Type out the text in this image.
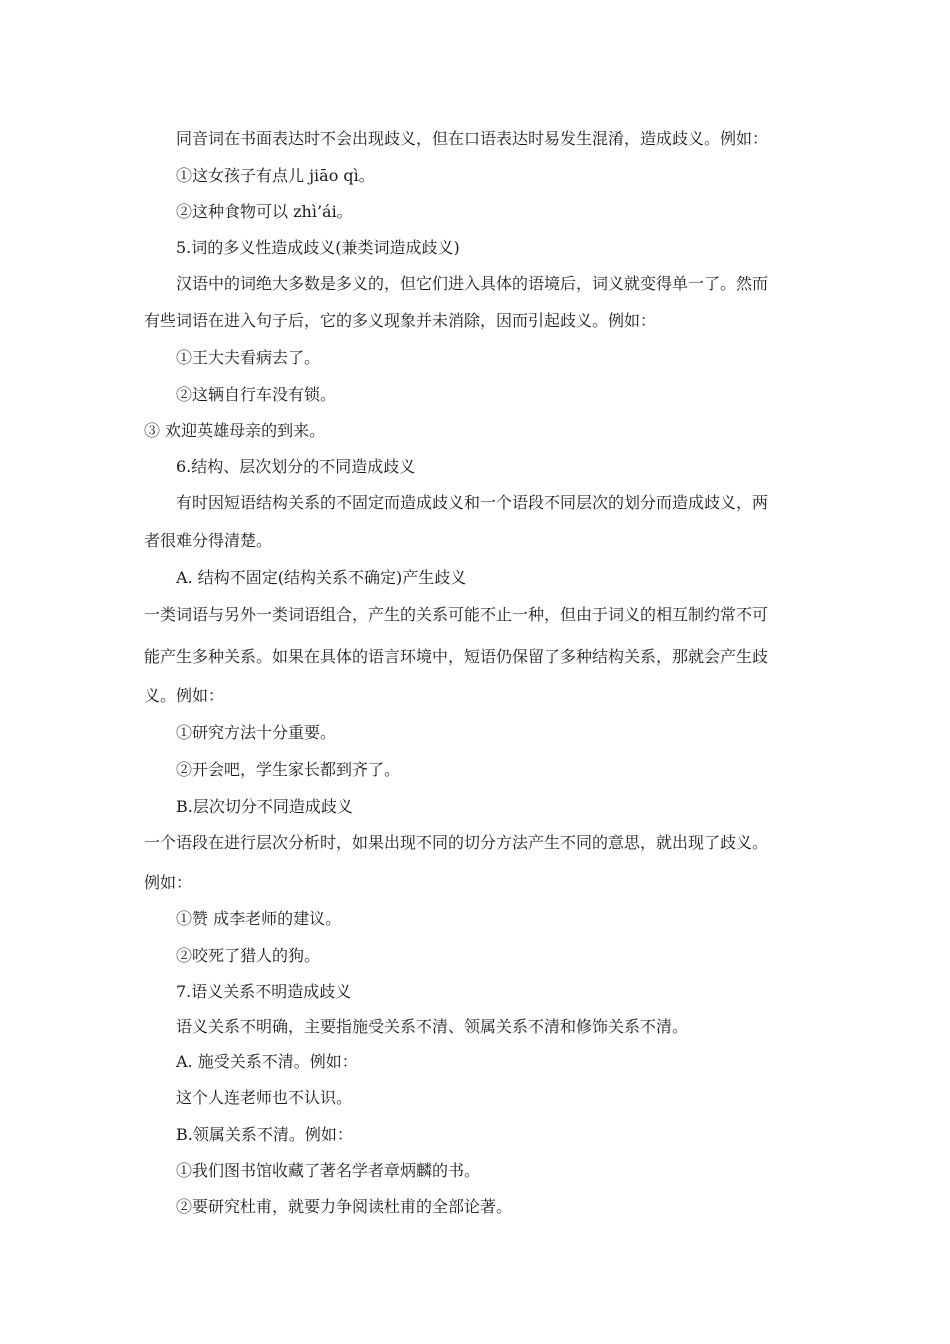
同音词在书面表达时不会出现歧义，但在口语表达时易发生混淆，造成歧义。例如：
①这女孩子有点儿 jiāo qì。
②这种食物可以 zhì’ái。
5.词的多义性造成歧义(兼类词造成歧义)
汉语中的词绝大多数是多义的，但它们进入具体的语境后，词义就变得单一了。然而
有些词语在进入句子后，它的多义现象并未消除，因而引起歧义。例如：
①王大夫看病去了。
②这辆自行车没有锁。
③ 欢迎英雄母亲的到来。
6.结构、层次划分的不同造成歧义
有时因短语结构关系的不固定而造成歧义和一个语段不同层次的划分而造成歧义，两
者很难分得清楚。
A. 结构不固定(结构关系不确定)产生歧义
一类词语与另外一类词语组合，产生的关系可能不止一种，但由于词义的相互制约常不可
能产生多种关系。如果在具体的语言环境中，短语仍保留了多种结构关系，那就会产生歧
义。例如：
①研究方法十分重要。
②开会吧，学生家长都到齐了。
B.层次切分不同造成歧义
一个语段在进行层次分析时，如果出现不同的切分方法产生不同的意思，就出现了歧义。
例如：
①赞 成李老师的建议。
②咬死了猎人的狗。
7.语义关系不明造成歧义
语义关系不明确，主要指施受关系不清、领属关系不清和修饰关系不清。
A. 施受关系不清。例如：
这个人连老师也不认识。
B.领属关系不清。例如：
①我们图书馆收藏了著名学者章炳麟的书。
②要研究杜甫，就要力争阅读杜甫的全部论著。
